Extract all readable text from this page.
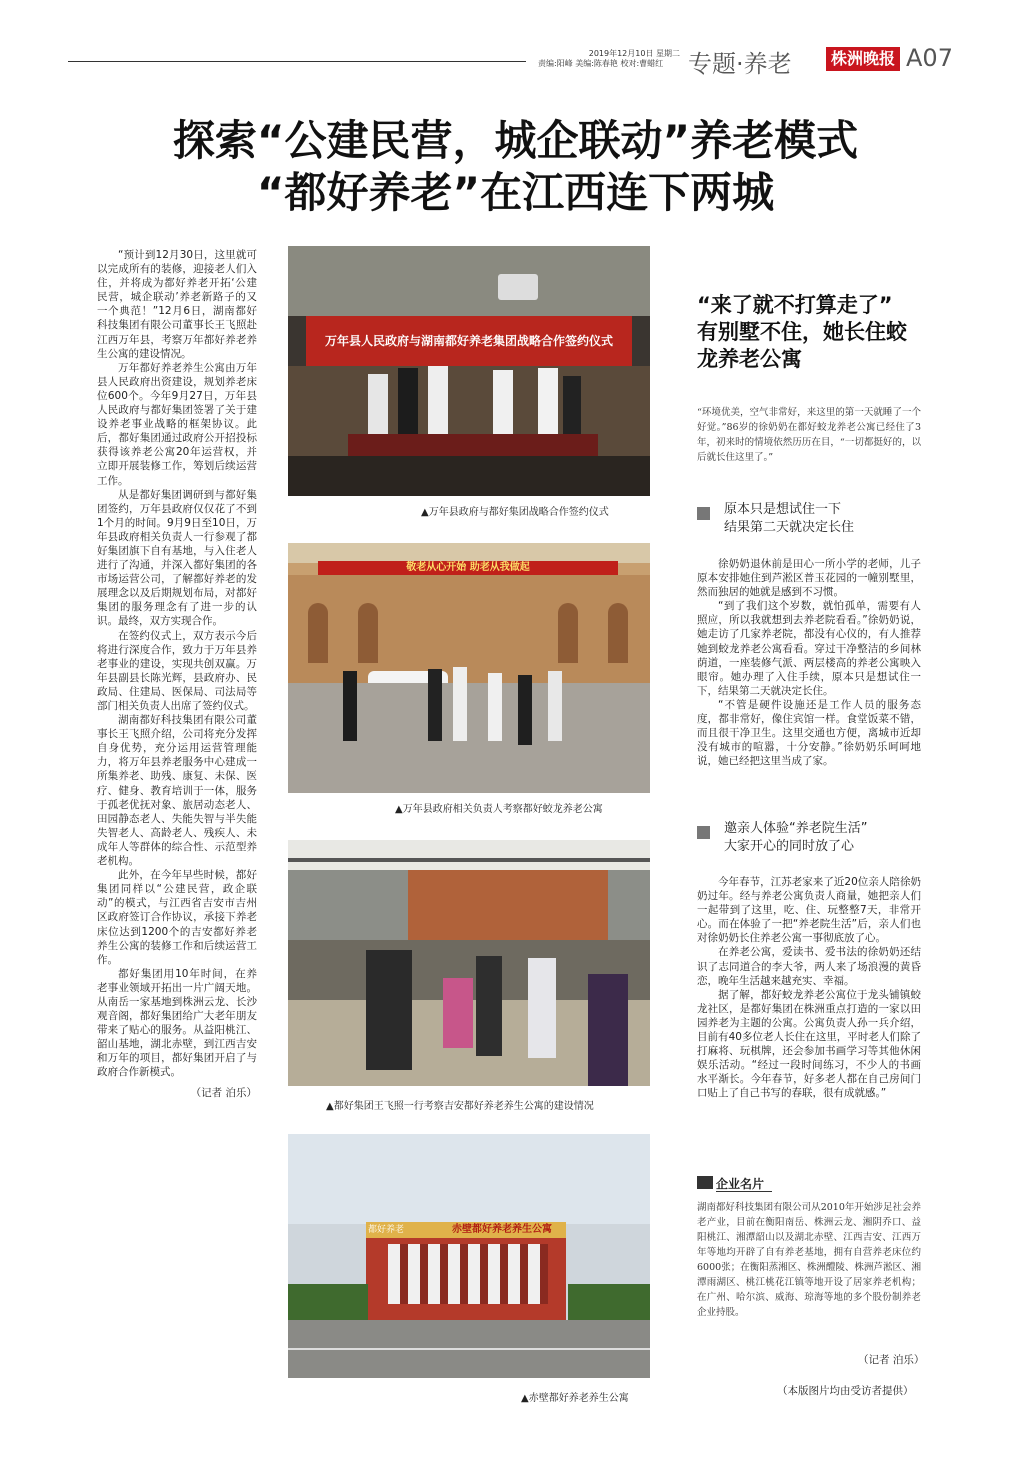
2019年12月10日 星期二
责编:阳峰 美编:陈春艳 校对:曹蜡红	专题·养老	株洲晚报 A07
探索“公建民营，城企联动”养老模式
“都好养老”在江西连下两城

“预计到12月30日，这里就可以完成所有的装修，迎接老人们入住，并将成为都好养老开拓‘公建民营，城企联动’养老新路子的又一个典范！”12月6日，湖南都好科技集团有限公司董事长王飞照赴江西万年县，考察万年都好养老养生公寓的建设情况。

万年都好养老养生公寓由万年县人民政府出资建设，规划养老床位600个。今年9月27日，万年县人民政府与都好集团签署了关于建设养老事业战略的框架协议。此后，都好集团通过政府公开招投标获得该养老公寓20年运营权，并立即开展装修工作，筹划后续运营工作。

从是都好集团调研到与都好集团签约，万年县政府仅仅花了不到1个月的时间。9月9日至10日，万年县政府相关负责人一行参观了都好集团旗下自有基地，与入住老人进行了沟通，并深入都好集团的各市场运营公司，了解都好养老的发展理念以及后期规划布局，对都好集团的服务理念有了进一步的认识。最终，双方实现合作。

在签约仪式上，双方表示今后将进行深度合作，致力于万年县养老事业的建设，实现共创双赢。万年县副县长陈光辉，县政府办、民政局、住建局、医保局、司法局等部门相关负责人出席了签约仪式。

湖南都好科技集团有限公司董事长王飞照介绍，公司将充分发挥自身优势，充分运用运营管理能力，将万年县养老服务中心建成一所集养老、助残、康复、未保、医疗、健身、教育培训于一体，服务于孤老优抚对象、旅居动态老人、田园静态老人、失能失智与半失能失智老人、高龄老人、残疾人、未成年人等群体的综合性、示范型养老机构。

此外，在今年早些时候，都好集团同样以“公建民营，政企联动”的模式，与江西省吉安市吉州区政府签订合作协议，承接下养老床位达到1200个的吉安都好养老养生公寓的装修工作和后续运营工作。

都好集团用10年时间，在养老事业领域开拓出一片广阔天地。从南岳一家基地到株洲云龙、长沙观音阁，都好集团给广大老年朋友带来了贴心的服务。从益阳桃江、韶山基地，湖北赤壁，到江西吉安和万年的项目，都好集团开启了与政府合作新模式。

（记者 泊乐）

万年县人民政府与湖南都好养老集团战略合作签约仪式
▲万年县政府与都好集团战略合作签约仪式
敬老从心开始 助老从我做起
▲万年县政府相关负责人考察都好蛟龙养老公寓
▲都好集团王飞照一行考察吉安都好养老养生公寓的建设情况
赤壁都好养老养生公寓
都好养老
▲赤壁都好养老养生公寓
“来了就不打算走了”
有别墅不住，她长住蛟
龙养老公寓
“环境优美，空气非常好，来这里的第一天就睡了一个好觉。”86岁的徐奶奶在都好蛟龙养老公寓已经住了3年，初来时的情境依然历历在目，“一切都挺好的，以后就长住这里了。”
原本只是想试住一下
结果第二天就决定长住

徐奶奶退休前是田心一所小学的老师，儿子原本安排她住到芦淞区普玉花园的一幢别墅里，然而独居的她就是感到不习惯。

“到了我们这个岁数，就怕孤单，需要有人照应，所以我就想到去养老院看看。”徐奶奶说，她走访了几家养老院，都没有心仪的，有人推荐她到蛟龙养老公寓看看。穿过干净整洁的乡间林荫道，一座装修气派、两层楼高的养老公寓映入眼帘。她办理了入住手续，原本只是想试住一下，结果第二天就决定长住。

“不管是硬件设施还是工作人员的服务态度，都非常好，像住宾馆一样。食堂饭菜不错，而且很干净卫生。这里交通也方便，离城市近却没有城市的喧嚣，十分安静。”徐奶奶乐呵呵地说，她已经把这里当成了家。

邀亲人体验“养老院生活”
大家开心的同时放了心

今年春节，江苏老家来了近20位亲人陪徐奶奶过年。经与养老公寓负责人商量，她把亲人们一起带到了这里，吃、住、玩整整7天，非常开心。而在体验了一把“养老院生活”后，亲人们也对徐奶奶长住养老公寓一事彻底放了心。

在养老公寓，爱读书、爱书法的徐奶奶还结识了志同道合的李大爷，两人来了场浪漫的黄昏恋，晚年生活越来越充实、幸福。

据了解，都好蛟龙养老公寓位于龙头铺镇蛟龙社区，是都好集团在株洲重点打造的一家以田园养老为主题的公寓。公寓负责人孙一兵介绍，目前有40多位老人长住在这里，平时老人们除了打麻将、玩棋牌，还会参加书画学习等其他休闲娱乐活动。“经过一段时间练习，不少人的书画水平渐长。今年春节，好多老人都在自己房间门口贴上了自己书写的春联，很有成就感。”

企业名片
湖南都好科技集团有限公司从2010年开始涉足社会养老产业，目前在衡阳南岳、株洲云龙、湘阴乔口、益阳桃江、湘潭韶山以及湖北赤壁、江西吉安、江西万年等地均开辟了自有养老基地，拥有自营养老床位约6000张；在衡阳蒸湘区、株洲醴陵、株洲芦淞区、湘潭雨湖区、桃江桃花江镇等地开设了居家养老机构；在广州、哈尔滨、威海、琼海等地的多个股份制养老企业持股。
（记者 泊乐）
（本版图片均由受访者提供）
